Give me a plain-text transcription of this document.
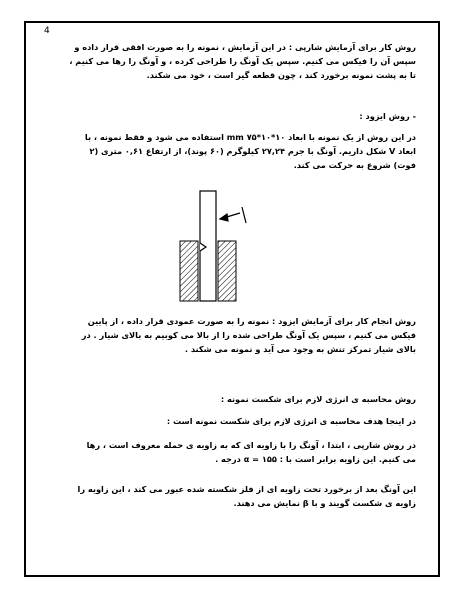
4
روش کار برای آزمایش شارپی : در این آزمایش ، نمونه را به صورت افقی قرار داده و
سپس آن را فیکس می کنیم. سپس یک آونگ را طراحی کرده ، و آونگ را رها می کنیم ،
تا به پشت نمونه برخورد کند ، چون قطعه گیر است ، خود می شکند.
- روش ایزود :
در این روش از یک نمونه با ابعاد ۱۰*۱۰*۷۵ mm استفاده می شود و فقط نمونه ، با
ابعاد V شکل داریم. آونگ با جرم ۲۷,۲۴ کیلوگرم (۶۰ پوند)، از ارتفاع ۰,۶۱ متری (۲
فوت) شروع به حرکت می کند.
روش انجام کار برای آزمایش ایزود : نمونه را به صورت عمودی قرار داده ، از پایین
فیکس می کنیم ، سپس یک آونگ طراحی شده را از بالا می کوبیم به بالای شیار . در
بالای شیار تمرکز تنش به وجود می آید و نمونه می شکند .
روش محاسبه ی انرژی لازم برای شکست نمونه :
در اینجا هدف محاسبه ی انرژی لازم برای شکست نمونه است :
در روش شارپی ، ابتدا ، آونگ را با زاویه ای که به زاویه ی حمله معروف است ، رها
می کنیم. این زاویه برابر است با : α = ۱۵۵ درجه .
این آونگ بعد از برخورد تحت زاویه ای از فلز شکسته شده عبور می کند ، این زاویه را
زاویه ی شکست گویند و با β نمایش می دهند.
